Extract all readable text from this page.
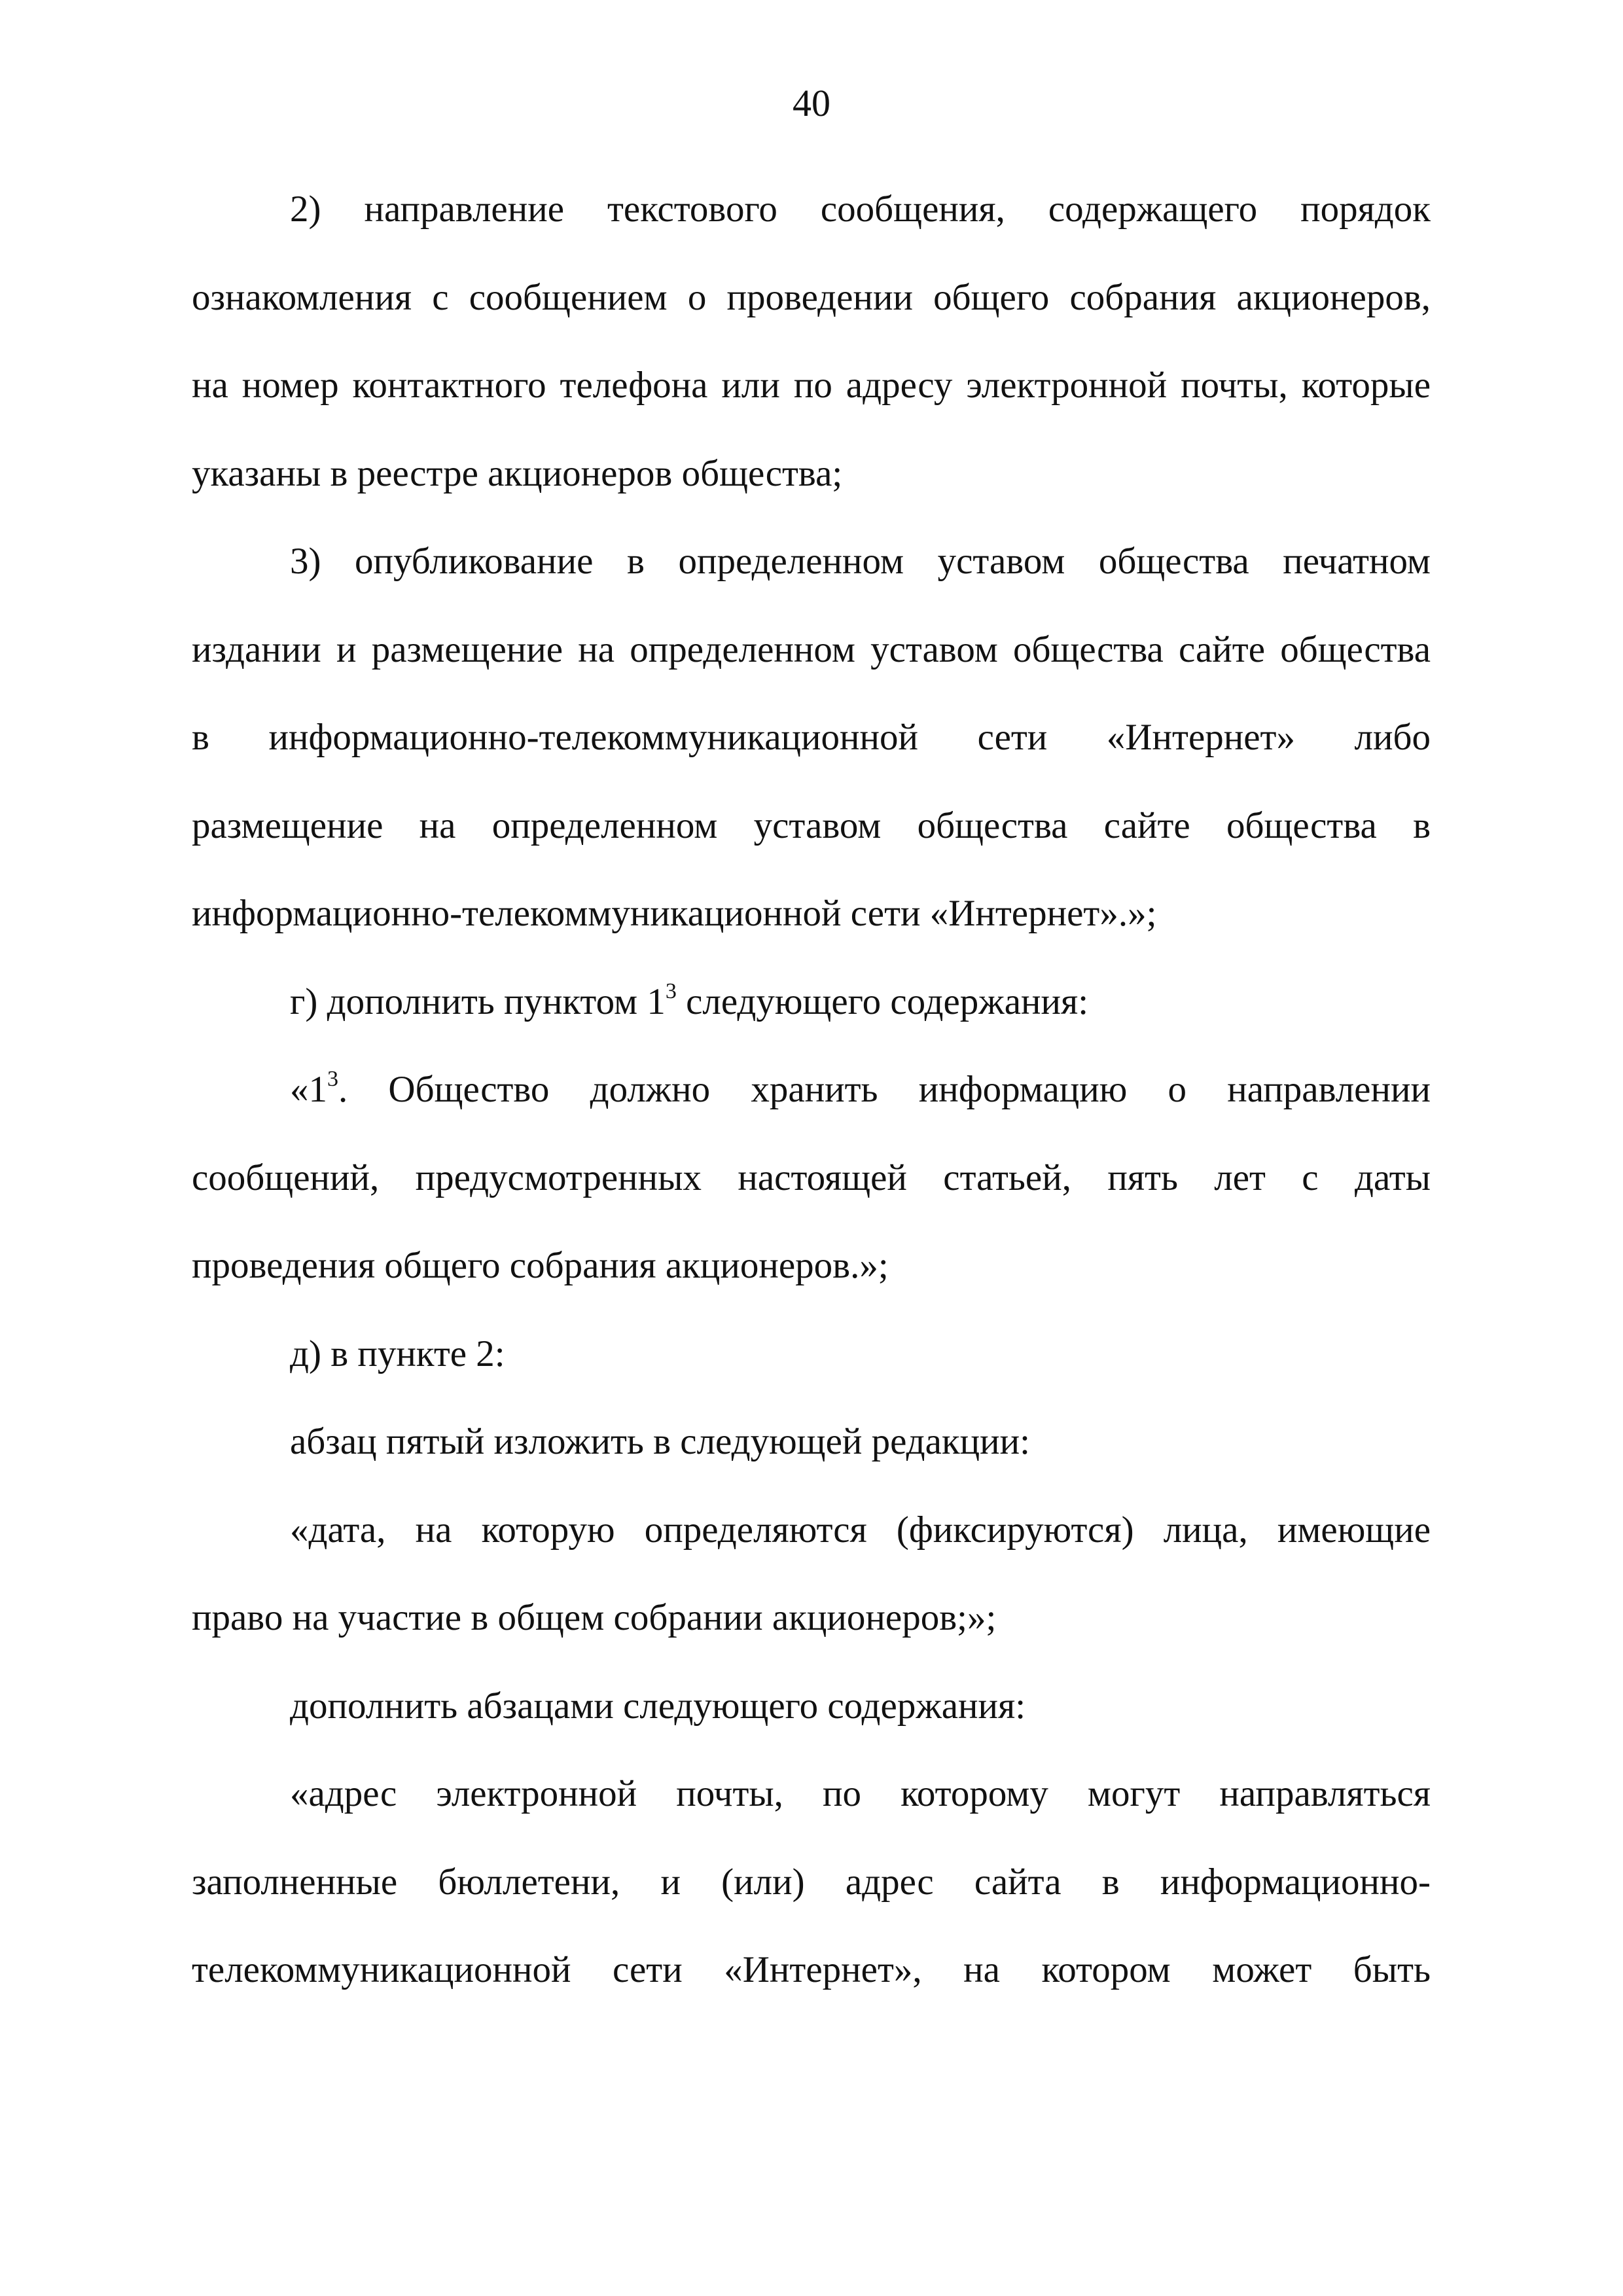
40
2) направление текстового сообщения, содержащего порядок
ознакомления с сообщением о проведении общего собрания акционеров,
на номер контактного телефона или по адресу электронной почты, которые
указаны в реестре акционеров общества;
3) опубликование в определенном уставом общества печатном
издании и размещение на определенном уставом общества сайте общества
в информационно-телекоммуникационной сети «Интернет» либо
размещение на определенном уставом общества сайте общества в
информационно-телекоммуникационной сети «Интернет».»;
г) дополнить пунктом $1^3$ следующего содержания:
«$1^3$. Общество должно хранить информацию о направлении
сообщений, предусмотренных настоящей статьей, пять лет с даты
проведения общего собрания акционеров.»;
д) в пункте 2:
абзац пятый изложить в следующей редакции:
«дата, на которую определяются (фиксируются) лица, имеющие
право на участие в общем собрании акционеров;»;
дополнить абзацами следующего содержания:
«адрес электронной почты, по которому могут направляться
заполненные бюллетени, и (или) адрес сайта в информационно-
телекоммуникационной сети «Интернет», на котором может быть
